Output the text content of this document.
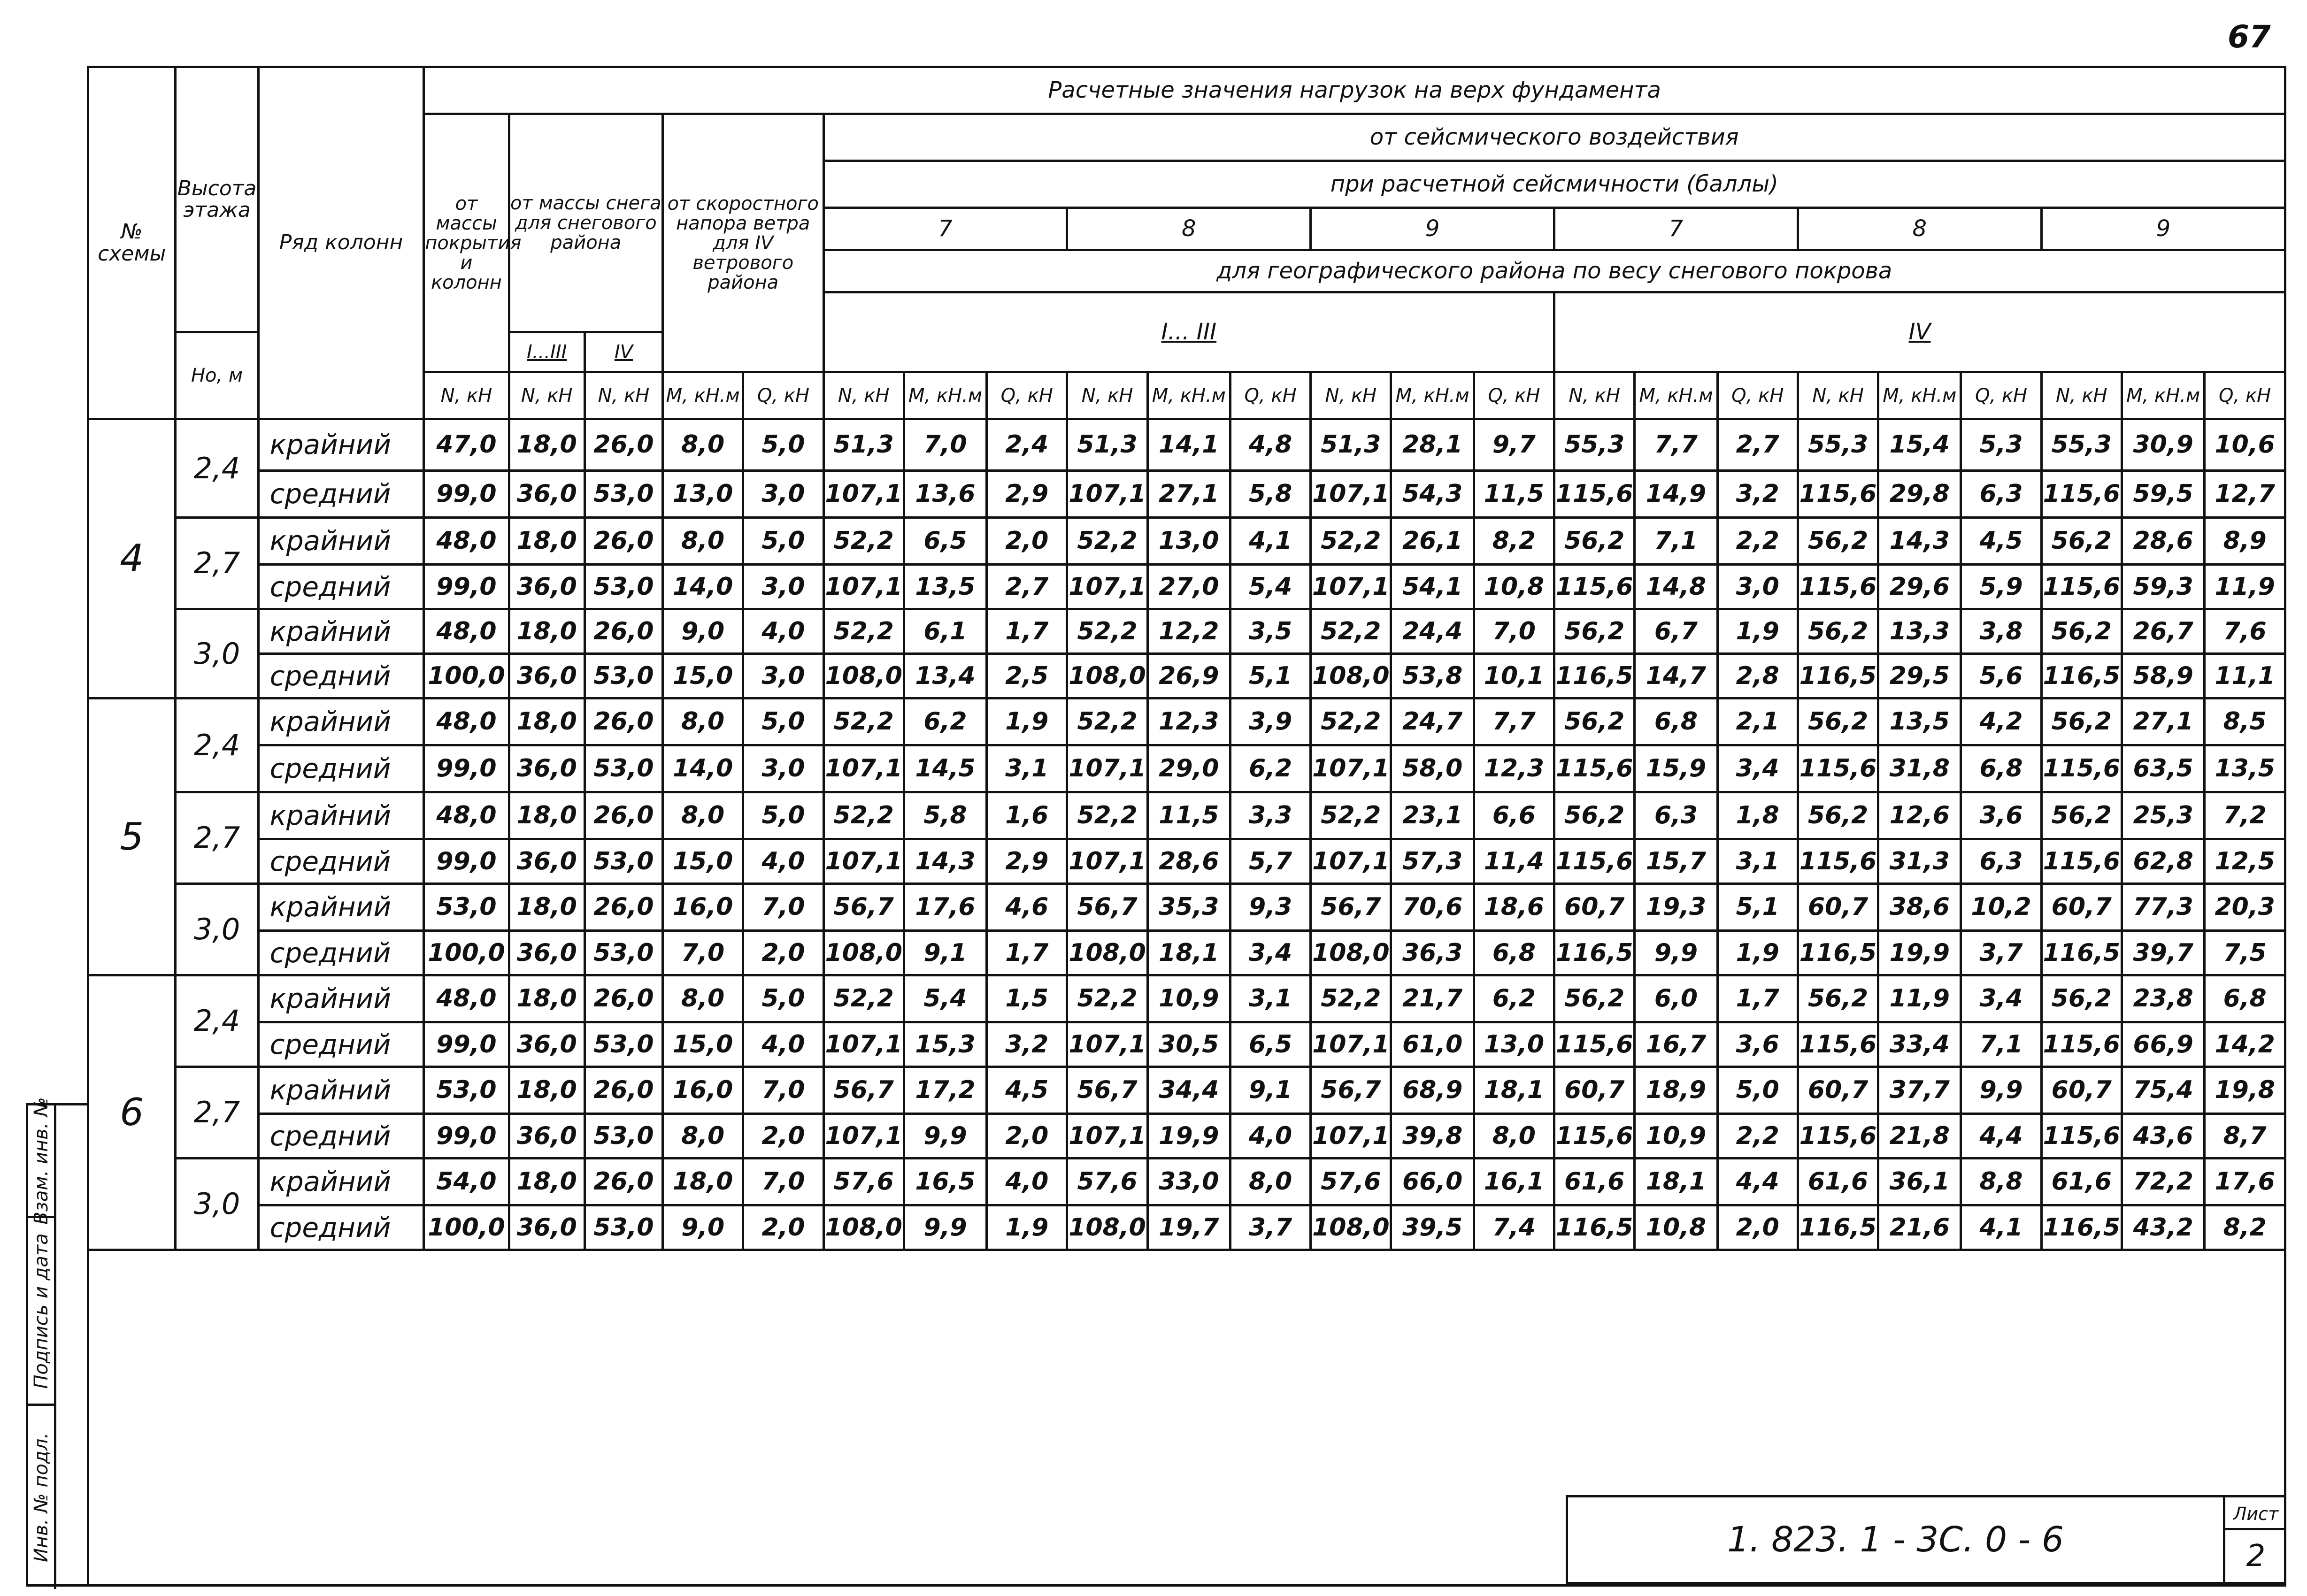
67
№ схемы	Высота этажа	Ряд колонн	Расчетные значения нагрузок на верх фундамента																						
			от массы покрытия и колонн	от массы снега для снегового района		от скоростного напора ветра для IV ветрового района		от сейсмического воздействия																	
								при расчетной сейсмичности (баллы)																	
								7			8			9			7			8			9		
								для географического района по весу снегового покрова																	
								I... III									IV								
	Hо, м			I...III	IV																				
			N, кН	N, кН	N, кН	M, кН.м	Q, кН	N, кН	M, кН.м	Q, кН	N, кН	M, кН.м	Q, кН	N, кН	M, кН.м	Q, кН	N, кН	M, кН.м	Q, кН	N, кН	M, кН.м	Q, кН	N, кН	M, кН.м	Q, кН
4	2,4	крайний	47,0	18,0	26,0	8,0	5,0	51,3	7,0	2,4	51,3	14,1	4,8	51,3	28,1	9,7	55,3	7,7	2,7	55,3	15,4	5,3	55,3	30,9	10,6
		средний	99,0	36,0	53,0	13,0	3,0	107,1	13,6	2,9	107,1	27,1	5,8	107,1	54,3	11,5	115,6	14,9	3,2	115,6	29,8	6,3	115,6	59,5	12,7
	2,7	крайний	48,0	18,0	26,0	8,0	5,0	52,2	6,5	2,0	52,2	13,0	4,1	52,2	26,1	8,2	56,2	7,1	2,2	56,2	14,3	4,5	56,2	28,6	8,9
		средний	99,0	36,0	53,0	14,0	3,0	107,1	13,5	2,7	107,1	27,0	5,4	107,1	54,1	10,8	115,6	14,8	3,0	115,6	29,6	5,9	115,6	59,3	11,9
	3,0	крайний	48,0	18,0	26,0	9,0	4,0	52,2	6,1	1,7	52,2	12,2	3,5	52,2	24,4	7,0	56,2	6,7	1,9	56,2	13,3	3,8	56,2	26,7	7,6
		средний	100,0	36,0	53,0	15,0	3,0	108,0	13,4	2,5	108,0	26,9	5,1	108,0	53,8	10,1	116,5	14,7	2,8	116,5	29,5	5,6	116,5	58,9	11,1
5	2,4	крайний	48,0	18,0	26,0	8,0	5,0	52,2	6,2	1,9	52,2	12,3	3,9	52,2	24,7	7,7	56,2	6,8	2,1	56,2	13,5	4,2	56,2	27,1	8,5
		средний	99,0	36,0	53,0	14,0	3,0	107,1	14,5	3,1	107,1	29,0	6,2	107,1	58,0	12,3	115,6	15,9	3,4	115,6	31,8	6,8	115,6	63,5	13,5
	2,7	крайний	48,0	18,0	26,0	8,0	5,0	52,2	5,8	1,6	52,2	11,5	3,3	52,2	23,1	6,6	56,2	6,3	1,8	56,2	12,6	3,6	56,2	25,3	7,2
		средний	99,0	36,0	53,0	15,0	4,0	107,1	14,3	2,9	107,1	28,6	5,7	107,1	57,3	11,4	115,6	15,7	3,1	115,6	31,3	6,3	115,6	62,8	12,5
	3,0	крайний	53,0	18,0	26,0	16,0	7,0	56,7	17,6	4,6	56,7	35,3	9,3	56,7	70,6	18,6	60,7	19,3	5,1	60,7	38,6	10,2	60,7	77,3	20,3
		средний	100,0	36,0	53,0	7,0	2,0	108,0	9,1	1,7	108,0	18,1	3,4	108,0	36,3	6,8	116,5	9,9	1,9	116,5	19,9	3,7	116,5	39,7	7,5
6	2,4	крайний	48,0	18,0	26,0	8,0	5,0	52,2	5,4	1,5	52,2	10,9	3,1	52,2	21,7	6,2	56,2	6,0	1,7	56,2	11,9	3,4	56,2	23,8	6,8
		средний	99,0	36,0	53,0	15,0	4,0	107,1	15,3	3,2	107,1	30,5	6,5	107,1	61,0	13,0	115,6	16,7	3,6	115,6	33,4	7,1	115,6	66,9	14,2
	2,7	крайний	53,0	18,0	26,0	16,0	7,0	56,7	17,2	4,5	56,7	34,4	9,1	56,7	68,9	18,1	60,7	18,9	5,0	60,7	37,7	9,9	60,7	75,4	19,8
		средний	99,0	36,0	53,0	8,0	2,0	107,1	9,9	2,0	107,1	19,9	4,0	107,1	39,8	8,0	115,6	10,9	2,2	115,6	21,8	4,4	115,6	43,6	8,7
	3,0	крайний	54,0	18,0	26,0	18,0	7,0	57,6	16,5	4,0	57,6	33,0	8,0	57,6	66,0	16,1	61,6	18,1	4,4	61,6	36,1	8,8	61,6	72,2	17,6
		средний	100,0	36,0	53,0	9,0	2,0	108,0	9,9	1,9	108,0	19,7	3,7	108,0	39,5	7,4	116,5	10,8	2,0	116,5	21,6	4,1	116,5	43,2	8,2
Взам. инв. №
Подпись и дата
Инв. № подл.	1. 823. 1 - 3С. 0 - 6
Лист
2
